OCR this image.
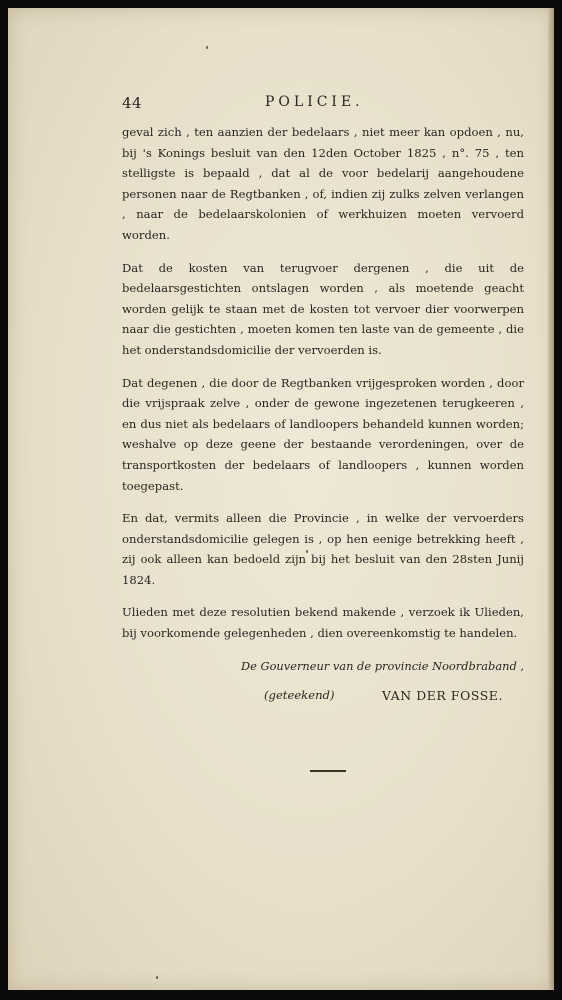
44	POLICIE.

geval zich , ten aanzien der bedelaars , niet meer kan opdoen , nu, bij 's Konings besluit van den 12den October 1825 , n°. 75 , ten stelligste is bepaald , dat al de voor bedelarij aangehoudene personen naar de Regtbanken , of, indien zij zulks zelven verlangen , naar de bedelaarskolonien of werkhuizen moeten vervoerd worden.

Dat de kosten van terugvoer dergenen , die uit de bedelaarsgestichten ontslagen worden , als moetende geacht worden gelijk te staan met de kosten tot vervoer dier voorwerpen naar die gestichten , moeten komen ten laste van de gemeente , die het onderstandsdomicilie der vervoerden is.

Dat degenen , die door de Regtbanken vrijgesproken worden , door die vrijspraak zelve , onder de gewone ingezetenen terugkeeren , en dus niet als bedelaars of landloopers behandeld kunnen worden; weshalve op deze geene der bestaande verordeningen, over de transportkosten der bedelaars of landloopers , kunnen worden toegepast.

En dat, vermits alleen die Provincie , in welke der vervoerders onderstandsdomicilie gelegen is , op hen eenige betrekking heeft , zij ook alleen kan bedoeld zijn bij het besluit van den 28sten Junij 1824.

Ulieden met deze resolutien bekend makende , verzoek ik Ulieden, bij voorkomende gelegenheden , dien overeenkomstig te handelen.

De Gouverneur van de provincie Noordbraband ,
(geteekend)	VAN DER FOSSE.
